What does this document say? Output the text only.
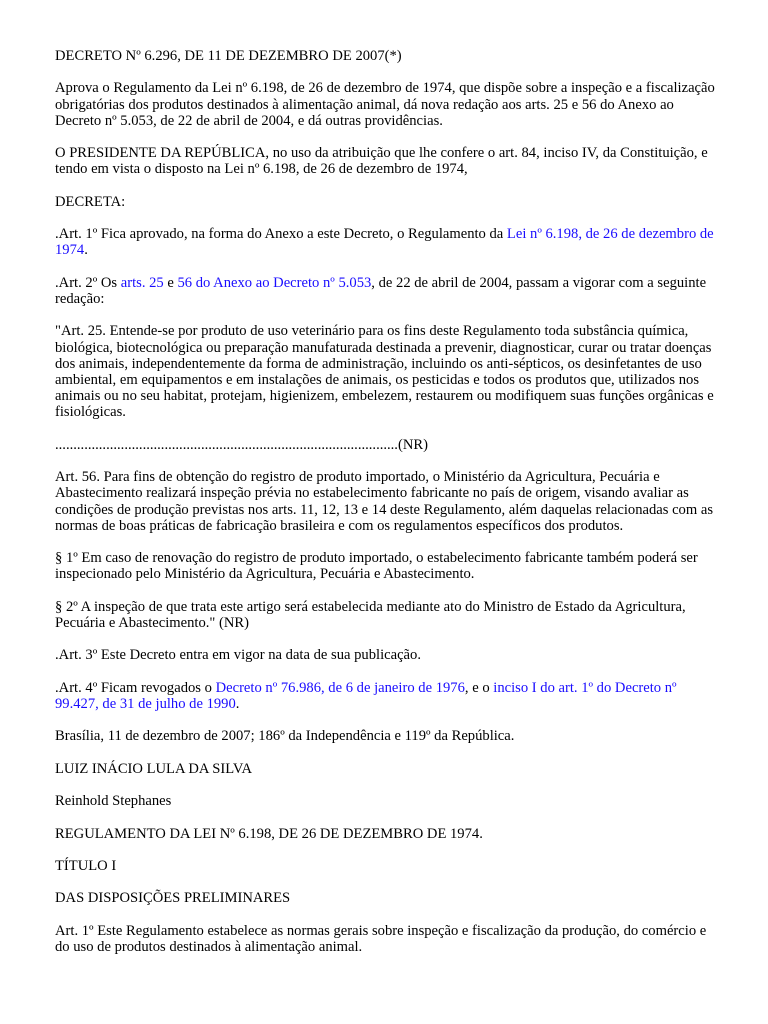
DECRETO Nº 6.296, DE 11 DE DEZEMBRO DE 2007(*)

Aprova o Regulamento da Lei nº 6.198, de 26 de dezembro de 1974, que dispõe sobre a inspeção e a fiscalização obrigatórias dos produtos destinados à alimentação animal, dá nova redação aos arts. 25 e 56 do Anexo ao Decreto nº 5.053, de 22 de abril de 2004, e dá outras providências.

O PRESIDENTE DA REPÚBLICA, no uso da atribuição que lhe confere o art. 84, inciso IV, da Constituição, e tendo em vista o disposto na Lei nº 6.198, de 26 de dezembro de 1974,

DECRETA:

.Art. 1º Fica aprovado, na forma do Anexo a este Decreto, o Regulamento da Lei nº 6.198, de 26 de dezembro de 1974.

.Art. 2º Os arts. 25 e 56 do Anexo ao Decreto nº 5.053, de 22 de abril de 2004, passam a vigorar com a seguinte redação:

"Art. 25. Entende-se por produto de uso veterinário para os fins deste Regulamento toda substância química, biológica, biotecnológica ou preparação manufaturada destinada a prevenir, diagnosticar, curar ou tratar doenças dos animais, independentemente da forma de administração, incluindo os anti-sépticos, os desinfetantes de uso ambiental, em equipamentos e em instalações de animais, os pesticidas e todos os produtos que, utilizados nos animais ou no seu habitat, protejam, higienizem, embelezem, restaurem ou modifiquem suas funções orgânicas e fisiológicas.

..............................................................................................(NR)

Art. 56. Para fins de obtenção do registro de produto importado, o Ministério da Agricultura, Pecuária e Abastecimento realizará inspeção prévia no estabelecimento fabricante no país de origem, visando avaliar as condições de produção previstas nos arts. 11, 12, 13 e 14 deste Regulamento, além daquelas relacionadas com as normas de boas práticas de fabricação brasileira e com os regulamentos específicos dos produtos.

§ 1º Em caso de renovação do registro de produto importado, o estabelecimento fabricante também poderá ser inspecionado pelo Ministério da Agricultura, Pecuária e Abastecimento.

§ 2º A inspeção de que trata este artigo será estabelecida mediante ato do Ministro de Estado da Agricultura, Pecuária e Abastecimento." (NR)

.Art. 3º Este Decreto entra em vigor na data de sua publicação.

.Art. 4º Ficam revogados o Decreto nº 76.986, de 6 de janeiro de 1976, e o inciso I do art. 1º do Decreto nº 99.427, de 31 de julho de 1990.

Brasília, 11 de dezembro de 2007; 186º da Independência e 119º da República.

LUIZ INÁCIO LULA DA SILVA

Reinhold Stephanes

REGULAMENTO DA LEI Nº 6.198, DE 26 DE DEZEMBRO DE 1974.

TÍTULO I

DAS DISPOSIÇÕES PRELIMINARES

Art. 1º Este Regulamento estabelece as normas gerais sobre inspeção e fiscalização da produção, do comércio e do uso de produtos destinados à alimentação animal.
